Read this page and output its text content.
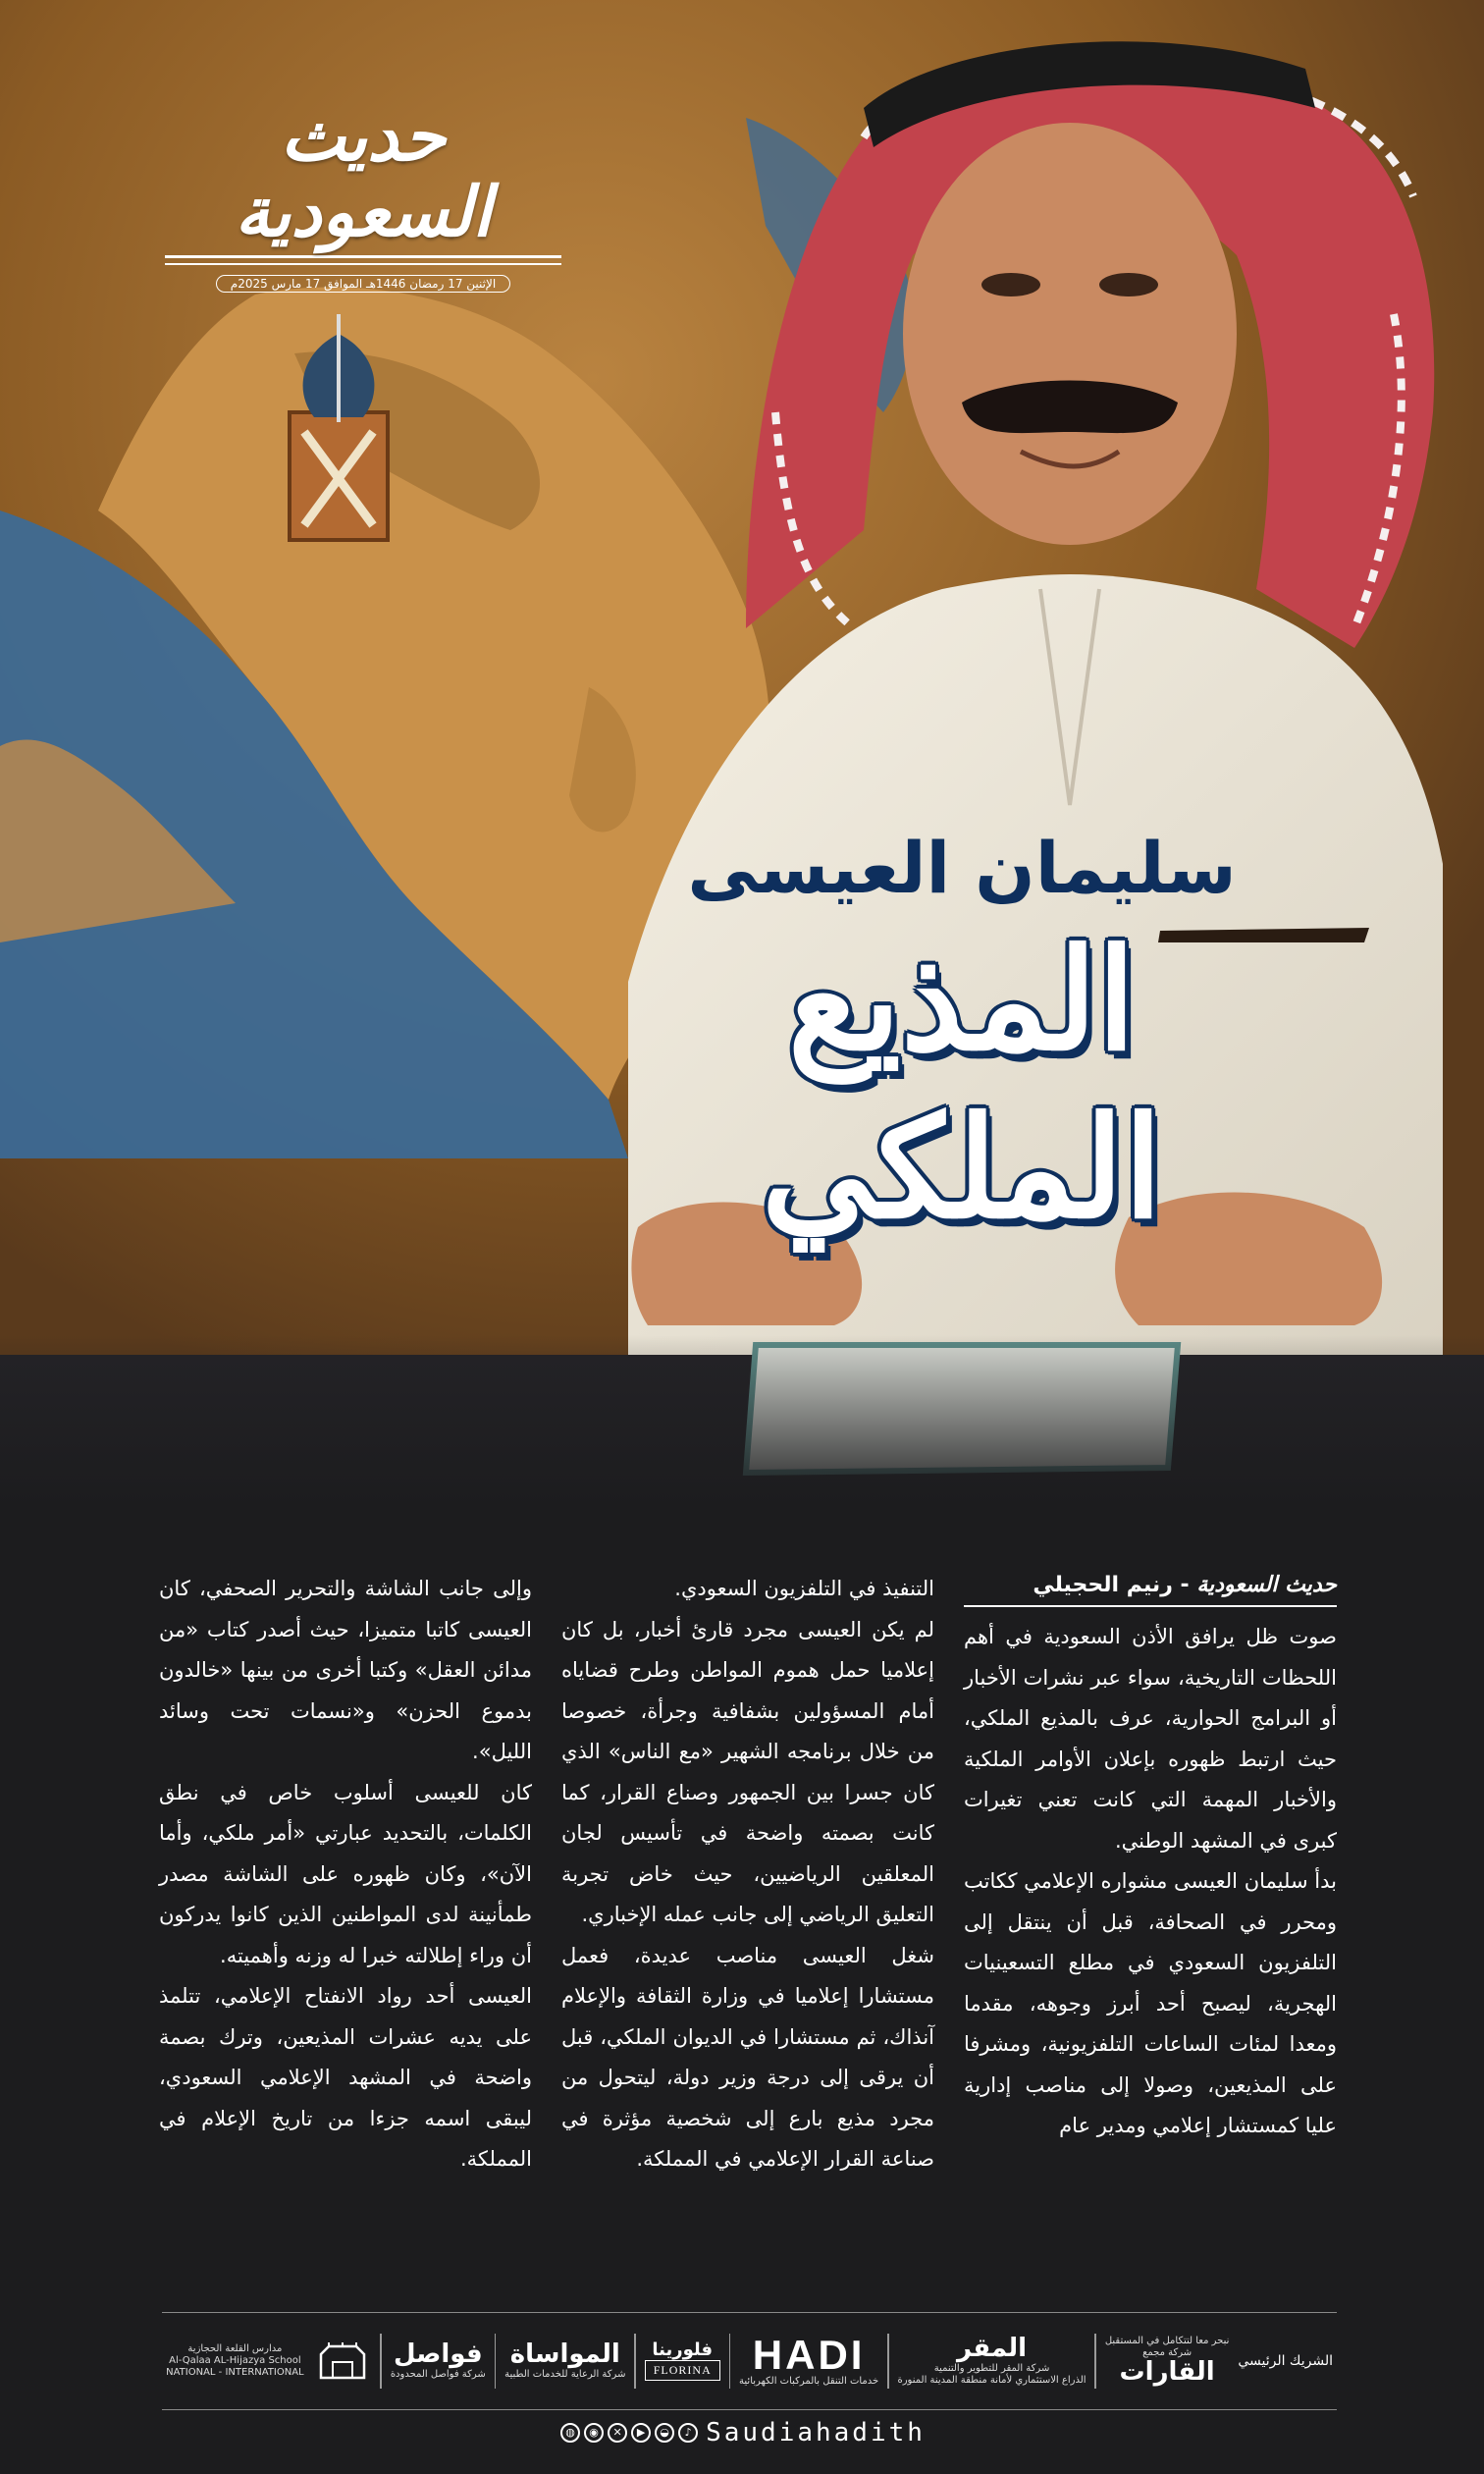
حديث السعودية
الإثنين 17 رمضان 1446هـ الموافق 17 مارس 2025م
سليمان العيسى
المذيع الملكي
حديث السعودية - رنيم الحجيلي

صوت ظل يرافق الأذن السعودية في أهم اللحظات التاريخية، سواء عبر نشرات الأخبار أو البرامج الحوارية، عرف بالمذيع الملكي، حيث ارتبط ظهوره بإعلان الأوامر الملكية والأخبار المهمة التي كانت تعني تغيرات كبرى في المشهد الوطني.

بدأ سليمان العيسى مشواره الإعلامي ككاتب ومحرر في الصحافة، قبل أن ينتقل إلى التلفزيون السعودي في مطلع التسعينيات الهجرية، ليصبح أحد أبرز وجوهه، مقدما ومعدا لمئات الساعات التلفزيونية، ومشرفا على المذيعين، وصولا إلى مناصب إدارية عليا كمستشار إعلامي ومدير عام

التنفيذ في التلفزيون السعودي.

لم يكن العيسى مجرد قارئ أخبار، بل كان إعلاميا حمل هموم المواطن وطرح قضاياه أمام المسؤولين بشفافية وجرأة، خصوصا من خلال برنامجه الشهير «مع الناس» الذي كان جسرا بين الجمهور وصناع القرار، كما كانت بصمته واضحة في تأسيس لجان المعلقين الرياضيين، حيث خاض تجربة التعليق الرياضي إلى جانب عمله الإخباري.

شغل العيسى مناصب عديدة، فعمل مستشارا إعلاميا في وزارة الثقافة والإعلام آنذاك، ثم مستشارا في الديوان الملكي، قبل أن يرقى إلى درجة وزير دولة، ليتحول من مجرد مذيع بارع إلى شخصية مؤثرة في صناعة القرار الإعلامي في المملكة.

وإلى جانب الشاشة والتحرير الصحفي، كان العيسى كاتبا متميزا، حيث أصدر كتاب «من مدائن العقل» وكتبا أخرى من بينها «خالدون بدموع الحزن» و«نسمات تحت وسائد الليل».

كان للعيسى أسلوب خاص في نطق الكلمات، بالتحديد عبارتي «أمر ملكي، وأما الآن»، وكان ظهوره على الشاشة مصدر طمأنينة لدى المواطنين الذين كانوا يدركون أن وراء إطلالته خبرا له وزنه وأهميته.

العيسى أحد رواد الانفتاح الإعلامي، تتلمذ على يديه عشرات المذيعين، وترك بصمة واضحة في المشهد الإعلامي السعودي، ليبقى اسمه جزءا من تاريخ الإعلام في المملكة.

الشريك الرئيسي
نبحر معا لتتكامل في المستقبل
شركة مجمع
القارات
المقر
شركة المقر للتطوير والتنمية
الذراع الاستثماري لأمانة منطقة المدينة المنورة
HADI
خدمات التنقل بالمركبات الكهربائية
فلورينا
FLORINA
المواساة
شركة الرعاية للخدمات الطبية
فواصل
شركة فواصل المحدودة
مدارس القلعة الحجازية
Al-Qalaa AL-Hijazya School
NATIONAL - INTERNATIONAL
◍ ◉ ✕ ▶ ◒ ♪ Saudiahadith
